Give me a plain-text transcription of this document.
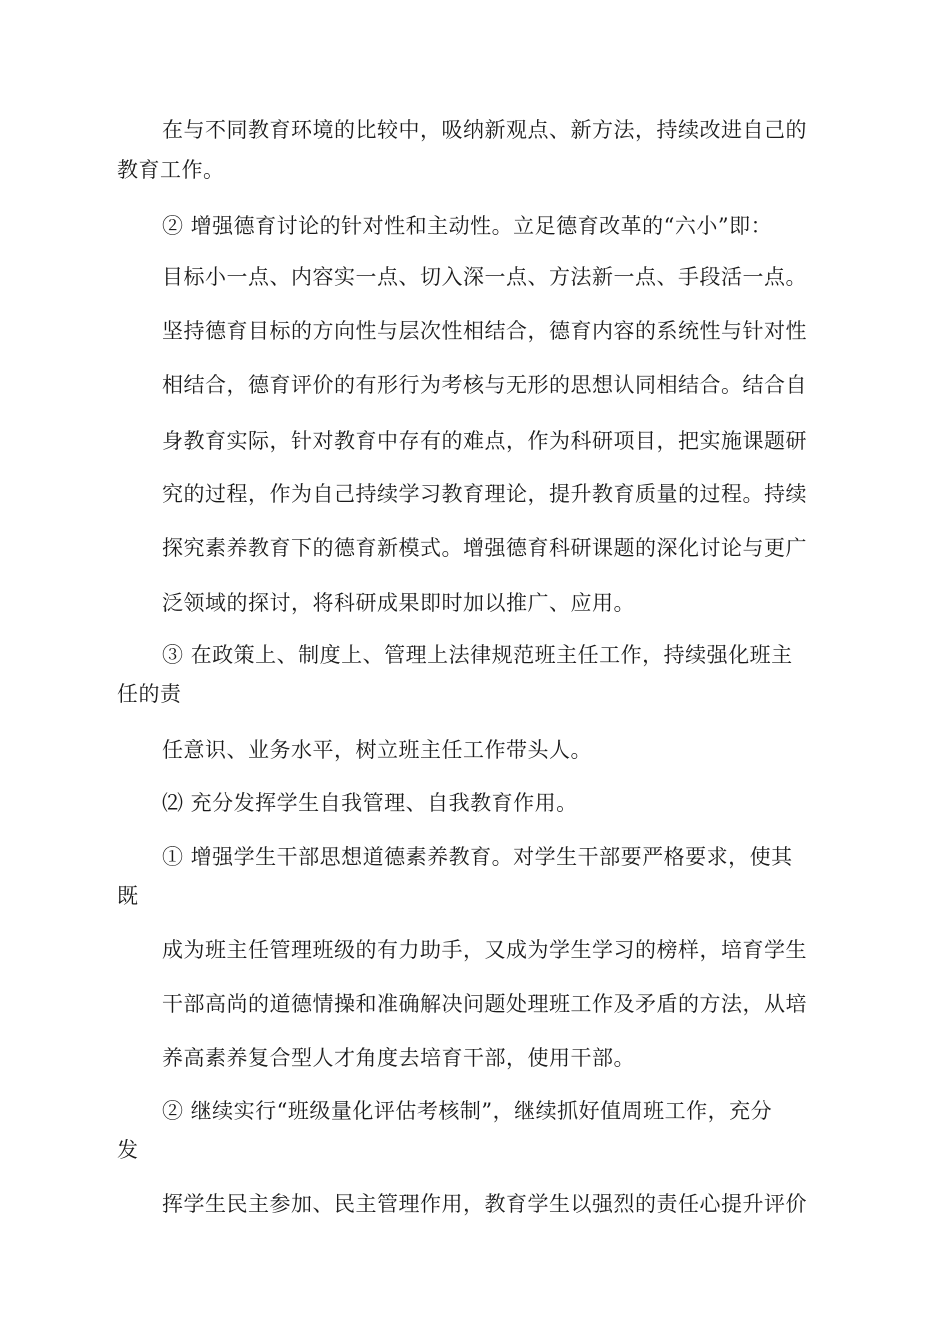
在与不同教育环境的比较中，吸纳新观点、新方法，持续改进自己的
教育工作。
② 增强德育讨论的针对性和主动性。立足德育改革的“六小”即：
目标小一点、内容实一点、切入深一点、方法新一点、手段活一点。
坚持德育目标的方向性与层次性相结合，德育内容的系统性与针对性
相结合，德育评价的有形行为考核与无形的思想认同相结合。结合自
身教育实际，针对教育中存有的难点，作为科研项目，把实施课题研
究的过程，作为自己持续学习教育理论，提升教育质量的过程。持续
探究素养教育下的德育新模式。增强德育科研课题的深化讨论与更广
泛领域的探讨，将科研成果即时加以推广、应用。
③ 在政策上、制度上、管理上法律规范班主任工作，持续强化班主
任的责
任意识、业务水平，树立班主任工作带头人。
⑵ 充分发挥学生自我管理、自我教育作用。
① 增强学生干部思想道德素养教育。对学生干部要严格要求，使其
既
成为班主任管理班级的有力助手，又成为学生学习的榜样，培育学生
干部高尚的道德情操和准确解决问题处理班工作及矛盾的方法，从培
养高素养复合型人才角度去培育干部，使用干部。
② 继续实行“班级量化评估考核制”，继续抓好值周班工作，充分
发
挥学生民主参加、民主管理作用，教育学生以强烈的责任心提升评价
